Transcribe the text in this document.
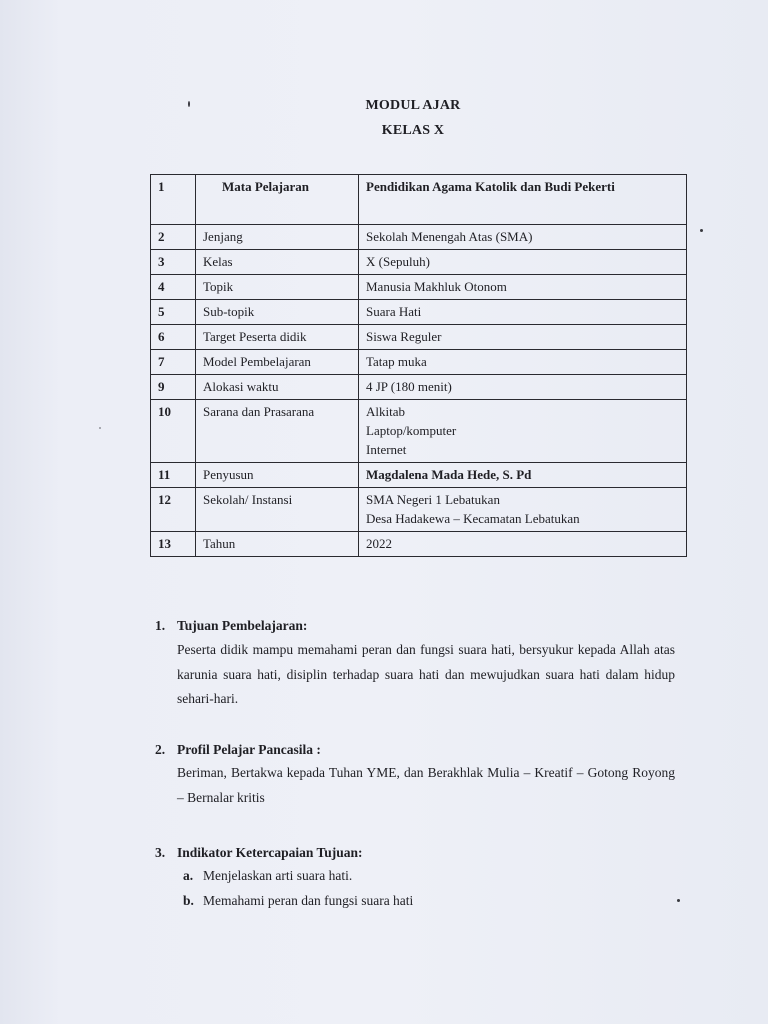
MODUL AJAR
KELAS X
1	Mata Pelajaran	Pendidikan Agama Katolik dan Budi Pekerti

2	Jenjang	Sekolah Menengah Atas (SMA)

3	Kelas	X (Sepuluh)

4	Topik	Manusia Makhluk Otonom

5	Sub-topik	Suara Hati

6	Target Peserta didik	Siswa Reguler

7	Model Pembelajaran	Tatap muka

9	Alokasi waktu	4 JP (180 menit)

10	Sarana dan Prasarana	Alkitab
Laptop/komputer
Internet

11	Penyusun	Magdalena Mada Hede, S. Pd

12	Sekolah/ Instansi	SMA Negeri 1 Lebatukan
Desa Hadakewa – Kecamatan Lebatukan

13	Tahun	2022
1. Tujuan Pembelajaran:
Peserta didik mampu memahami peran dan fungsi suara hati, bersyukur kepada Allah atas karunia suara hati, disiplin terhadap suara hati dan mewujudkan suara hati dalam hidup sehari-hari.
2. Profil Pelajar Pancasila :
Beriman, Bertakwa kepada Tuhan YME, dan Berakhlak Mulia – Kreatif – Gotong Royong – Bernalar kritis
3. Indikator Ketercapaian Tujuan:
a. Menjelaskan arti suara hati.
b. Memahami peran dan fungsi suara hati
